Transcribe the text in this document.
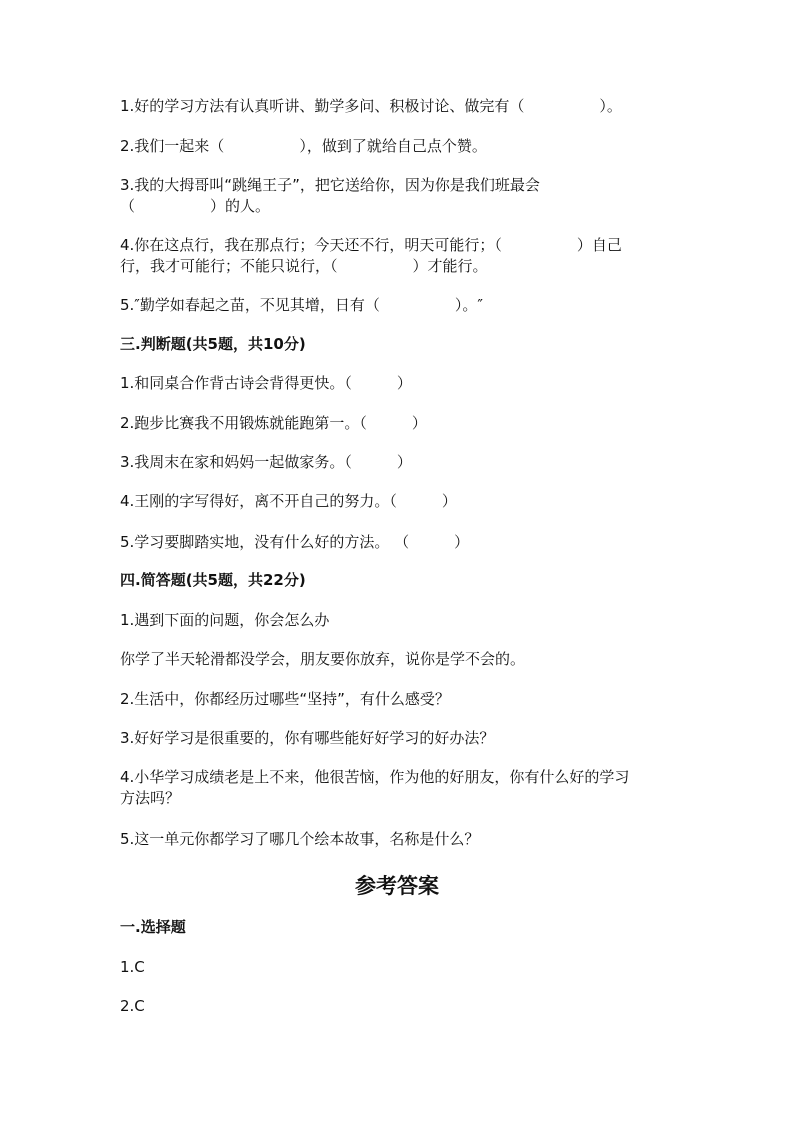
1.好的学习方法有认真听讲、勤学多问、积极讨论、做完有（　　　　　）。
2.我们一起来（　　　　　），做到了就给自己点个赞。
3.我的大拇哥叫“跳绳王子”，把它送给你，因为你是我们班最会
（　　　　　）的人。
4.你在这点行，我在那点行；今天还不行，明天可能行；（　　　　　）自己
行，我才可能行；不能只说行，（　　　　　）才能行。
5.″勤学如春起之苗，不见其增，日有（　　　　　）。″
三.判断题(共5题，共10分)
1.和同桌合作背古诗会背得更快。（　　　）
2.跑步比赛我不用锻炼就能跑第一。（　　　）
3.我周末在家和妈妈一起做家务。（　　　）
4.王刚的字写得好，离不开自己的努力。（　　　）
5.学习要脚踏实地，没有什么好的方法。 （　　　）
四.简答题(共5题，共22分)
1.遇到下面的问题，你会怎么办
你学了半天轮滑都没学会，朋友要你放弃，说你是学不会的。
2.生活中，你都经历过哪些“坚持”，有什么感受？
3.好好学习是很重要的，你有哪些能好好学习的好办法？
4.小华学习成绩老是上不来，他很苦恼，作为他的好朋友，你有什么好的学习
方法吗？
5.这一单元你都学习了哪几个绘本故事，名称是什么？
参考答案
一.选择题
1.C
2.C
